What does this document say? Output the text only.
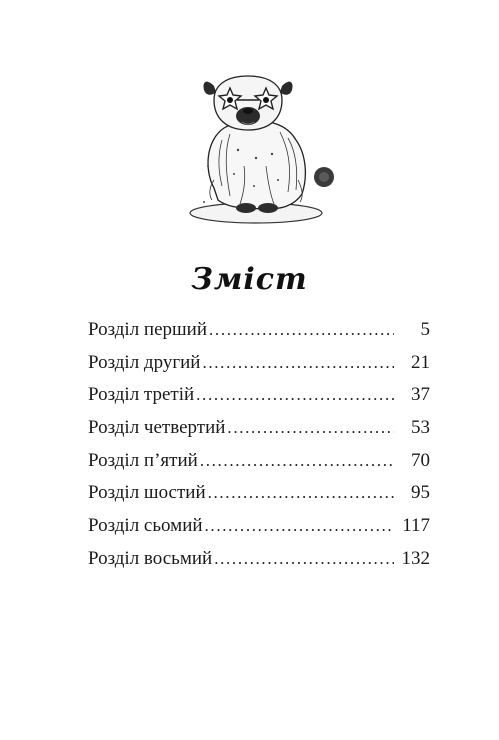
Зміст
Розділ перший . . .	5
Розділ другий . . .	21
Розділ третій . . .	37
Розділ четвертий . . .	53
Розділ п’ятий . . .	70
Розділ шостий . . .	95
Розділ сьомий . . .	117
Розділ восьмий . . .	132
